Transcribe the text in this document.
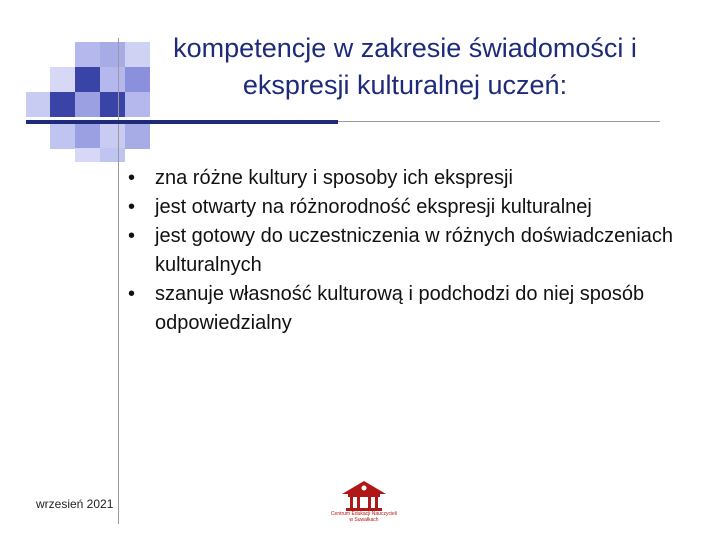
kompetencje w zakresie świadomości i
ekspresji kulturalnej uczeń:
• zna różne kultury i sposoby ich ekspresji
• jest otwarty na różnorodność ekspresji kulturalnej
• jest gotowy do uczestniczenia w różnych doświadczeniach kulturalnych
• szanuje własność kulturową i podchodzi do niej sposób odpowiedzialny
wrzesień 2021
Centrum Edukacji Nauczycieli
w Suwałkach
